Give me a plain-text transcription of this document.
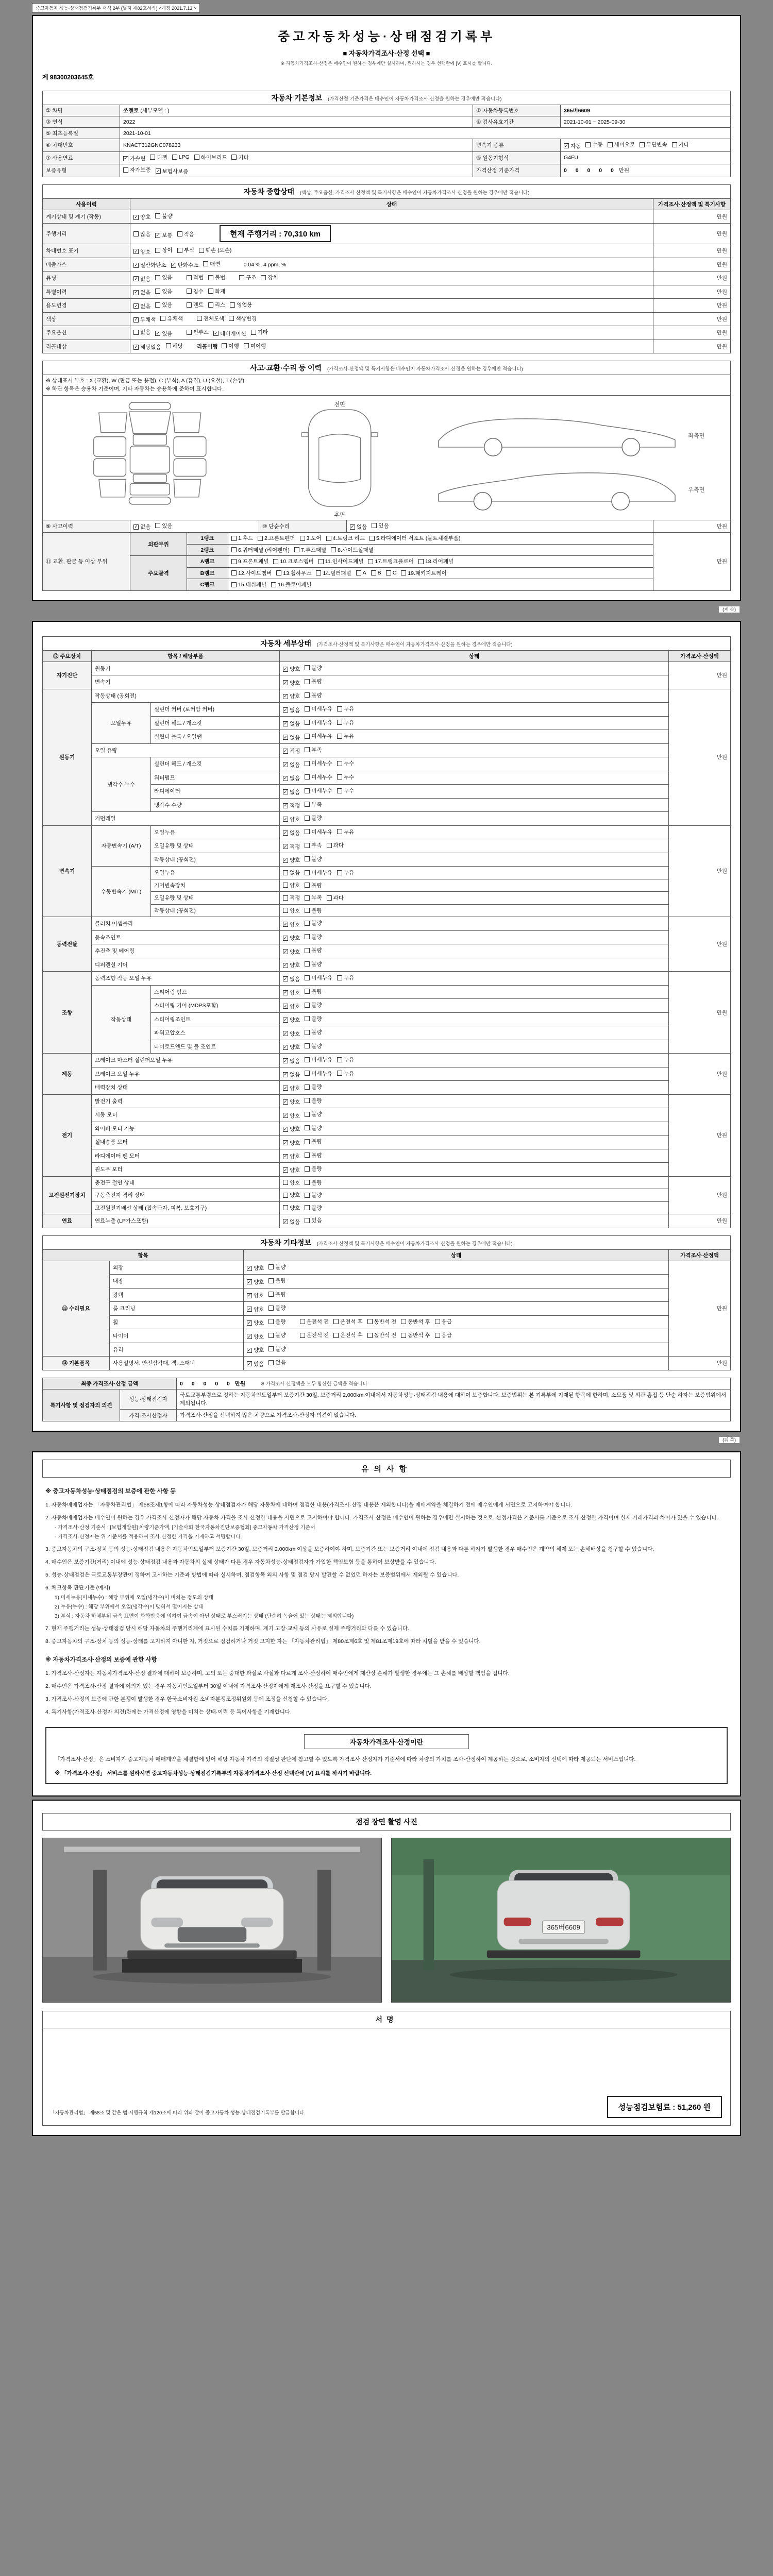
중고자동차 성능·상태점검기록부 서식 2부 (별지 제82호서식) <개정 2021.7.13.>
중고자동차성능·상태점검기록부
■ 자동차가격조사·산정 선택 ■
※ 자동차가격조사·산정은 매수인이 원하는 경우에만 실시하며, 원하시는 경우 선택란에 [V] 표시를 합니다.
제 98300203645호
자동차 기본정보 (가격산정 기준가격은 매수인이 자동차가격조사·산정을 원하는 경우에만 적습니다)			
① 차명	쏘렌토 (세부모델 : )	② 자동차등록번호	365버6609
③ 연식	2022	④ 검사유효기간	2021-10-01 ~ 2025-09-30
⑤ 최초등록일	2021-10-01		
⑥ 차대번호	KNACT312GNC078233	변속기 종류	✓ 자동 수동 세미오토 무단변속 기타

⑦ 사용연료	✓ 가솔린 디젤 LPG 하이브리드 기타	⑧ 원동기형식	G4FU
보증유형	자가보증 ✓ 보험사보증	가격산정 기준가격	0 0 0 0 0 만원
자동차 종합상태 (색상, 주요옵션, 가격조사·산정액 및 특기사항은 매수인이 자동차가격조사·산정을 원하는 경우에만 적습니다)		
사용이력	상태	가격조사·산정액 및 특기사항
계기상태 및 계기 (작동)	✓ 양호 불량	만원
주행거리	많음 ✓ 보통 적음 현재 주행거리 : 70,310 km	만원
차대번호 표기	✓ 양호 상이 부식 훼손 (오손)	만원
배출가스	✓ 일산화탄소 ✓ 탄화수소 매연	0.04 %, 4 ppm, %	만원
튜닝	✓ 없음 있음	적법 불법	구조 장치	만원
특별이력	✓ 없음 있음 침수 화재	만원
용도변경	✓ 없음 있음	렌트 리스 영업용	만원
색상	✓ 무채색 유채색 전체도색 색상변경	만원
주요옵션	없음 ✓ 있음	썬루프 ✓ 네비게이션 기타	만원
리콜대상	✓ 해당없음 해당	리콜이행 이행 미이행	만원
사고·교환·수리 등 이력 (가격조사·산정액 및 특기사항은 매수인이 자동차가격조사·산정을 원하는 경우에만 적습니다)

※ 상태표시 부호 : X (교환), W (판금 또는 용접), C (부식), A (흠집), U (요철), T (손상)
※ 하단 항목은 승용차 기준이며, 기타 자동차는 승용차에 준하여 표시합니다.

전면
후면
좌측면
우측면

⑨ 사고이력	✓ 없음 있음	⑩ 단순수리	✓ 없음 있음	만원
⑪ 교환, 판금 등 이상 부위	외판부위	1랭크	1.후드 2.프론트펜더 3.도어 4.트렁크 리드 5.라디에이터 서포트 (볼트체결부품)	만원
		2랭크	6.쿼터패널 (리어펜더) 7.루프패널 8.사이드실패널	

	주요골격	A랭크	9.프론트패널 10.크로스멤버 11.인사이드패널 17.트렁크플로어 18.리어패널	

B랭크	12.사이드멤버 13.휠하우스 14.필러패널 A B C 19.패키지트레이

		C랭크	15.대쉬패널 16.플로어패널	
(계 속)
자동차 세부상태 (가격조사·산정액 및 특기사항은 매수인이 자동차가격조사·산정을 원하는 경우에만 적습니다)				
⑫ 주요장치	항목 / 해당부품		상태	가격조사·산정액
자기진단	원동기		✓ 양호 불량	만원
	변속기		✓ 양호 불량	

원동기	작동상태 (공회전)		✓ 양호 불량	만원
	오일누유	실린더 커버 (로커암 커버)	✓ 없음 미세누유 누유	

		실린더 헤드 / 개스킷	✓ 없음 미세누유 누유	

		실린더 블록 / 오일팬	✓ 없음 미세누유 누유	

	오일 유량		✓ 적정 부족	

	냉각수 누수	실린더 헤드 / 개스킷	✓ 없음 미세누수 누수	

		워터펌프	✓ 없음 미세누수 누수	

		라디에이터	✓ 없음 미세누수 누수	

		냉각수 수량	✓ 적정 부족	

	커먼레일		✓ 양호 불량	

변속기	자동변속기 (A/T)	오일누유	✓ 없음 미세누유 누유	만원
		오일유량 및 상태	✓ 적정 부족 과다	

		작동상태 (공회전)	✓ 양호 불량	

	수동변속기 (M/T)	오일누유	없음 미세누유 누유	

		기어변속장치	양호 불량	

		오일유량 및 상태	적정 부족 과다	

		작동상태 (공회전)	양호 불량	

동력전달	클러치 어셈블리		✓ 양호 불량	만원
	등속조인트		✓ 양호 불량	

	추진축 및 베어링		✓ 양호 불량	

	디퍼렌셜 기어		✓ 양호 불량	

조향	동력조향 작동 오일 누유		✓ 없음 미세누유 누유	만원
	작동상태	스티어링 펌프	✓ 양호 불량	

		스티어링 기어 (MDPS포함)	✓ 양호 불량	

		스티어링조인트	✓ 양호 불량	

		파워고압호스	✓ 양호 불량	

		타이로드엔드 및 볼 조인트	✓ 양호 불량	

제동	브레이크 마스터 실린더오일 누유		✓ 없음 미세누유 누유	만원
	브레이크 오일 누유		✓ 없음 미세누유 누유	

	배력장치 상태		✓ 양호 불량	

전기	발전기 출력		✓ 양호 불량	만원
	시동 모터		✓ 양호 불량	

	와이퍼 모터 기능		✓ 양호 불량	

	실내송풍 모터		✓ 양호 불량	

	라디에이터 팬 모터		✓ 양호 불량	

	윈도우 모터		✓ 양호 불량	

고전원전기장치	충전구 절연 상태		양호 불량	만원
	구동축전지 격리 상태		양호 불량	

	고전원전기배선 상태 (접속단자, 피복, 보호기구)		양호 불량	

연료	연료누출 (LP가스포함)		✓ 없음 있음	만원
자동차 기타정보 (가격조사·산정액 및 특기사항은 매수인이 자동차가격조사·산정을 원하는 경우에만 적습니다)			
항목		상태	가격조사·산정액
⑬ 수리필요	외장	✓ 양호 불량	만원
	내장	✓ 양호 불량	

	광택	✓ 양호 불량	

	룸 크리닝	✓ 양호 불량	

휠	✓ 양호 불량	운전석 전 운전석 후 동반석 전 동반석 후 응급

타이어	✓ 양호 불량	운전석 전 운전석 후 동반석 전 동반석 후 응급

	유리	✓ 양호 불량	

⑭ 기본품목	사용설명서, 안전삼각대, 잭, 스패너	✓ 있음 없음	만원
최종 가격조사·산정 금액	0 0 0 0 0 만원	※ 가격조사·산정액을 모두 합산한 금액을 적습니다
특기사항 및 점검자의 의견	성능·상태점검자	국토교통부령으로 정하는 자동차인도일부터 보증기간 30일, 보증거리 2,000km 이내에서 자동차성능·상태점검 내용에 대하여 보증합니다. 보증범위는 본 기록부에 기재된 항목에 한하며, 소모품 및 외관 흠집 등 단순 하자는 보증범위에서 제외됩니다.
	가격·조사산정자	가격조사·산정을 선택하지 않은 차량으로 가격조사·산정자 의견이 없습니다.
(뒤 쪽)
유의사항
※ 중고자동차성능·상태점검의 보증에 관한 사항 등
1. 자동차매매업자는 「자동차관리법」 제58조제1항에 따라 자동차성능·상태점검자가 해당 자동차에 대하여 점검한 내용(가격조사·산정 내용은 제외합니다)을 매매계약을 체결하기 전에 매수인에게 서면으로 고지하여야 합니다.
2. 자동차매매업자는 매수인이 원하는 경우 가격조사·산정자가 해당 자동차 가격을 조사·산정한 내용을 서면으로 고지하여야 합니다. 가격조사·산정은 매수인이 원하는 경우에만 실시하는 것으로, 산정가격은 기준서를 기준으로 조사·산정한 가격이며 실제 거래가격과 차이가 있을 수 있습니다.
- 가격조사·산정 기준서 : [보험개발원] 차량기준가액, [기술사회·한국자동차진단보증협회] 중고자동차 가격산정 기준서
- 가격조사·산정자는 위 기준서를 적용하여 조사·산정한 가격을 기재하고 서명합니다.
3. 중고자동차의 구조·장치 등의 성능·상태점검 내용은 자동차인도일부터 보증기간 30일, 보증거리 2,000km 이상을 보증하여야 하며, 보증기간 또는 보증거리 이내에 점검 내용과 다른 하자가 발생한 경우 매수인은 계약의 해제 또는 손해배상을 청구할 수 있습니다.
4. 매수인은 보증기간(거리) 이내에 성능·상태점검 내용과 자동차의 실제 상태가 다른 경우 자동차성능·상태점검자가 가입한 책임보험 등을 통하여 보상받을 수 있습니다.
5. 성능·상태점검은 국토교통부장관이 정하여 고시하는 기준과 방법에 따라 실시하며, 점검항목 외의 사항 및 점검 당시 발견할 수 없었던 하자는 보증범위에서 제외될 수 있습니다.
6. 체크항목 판단기준 (예시)
1) 미세누유(미세누수) : 해당 부위에 오일(냉각수)이 비치는 정도의 상태
2) 누유(누수) : 해당 부위에서 오일(냉각수)이 맺혀서 떨어지는 상태
3) 부식 : 자동차 하체부위 금속 표면이 화학반응에 의하여 금속이 아닌 상태로 부스러지는 상태 (단순히 녹슬어 있는 상태는 제외합니다)
7. 현재 주행거리는 성능·상태점검 당시 해당 자동차의 주행거리계에 표시된 수치를 기재하며, 계기 고장·교체 등의 사유로 실제 주행거리와 다를 수 있습니다.
8. 중고자동차의 구조·장치 등의 성능·상태를 고지하지 아니한 자, 거짓으로 점검하거나 거짓 고지한 자는 「자동차관리법」 제80조제6호 및 제81조제19호에 따라 처벌을 받을 수 있습니다.
※ 자동차가격조사·산정의 보증에 관한 사항
1. 가격조사·산정자는 자동차가격조사·산정 결과에 대하여 보증하며, 고의 또는 중대한 과실로 사실과 다르게 조사·산정하여 매수인에게 재산상 손해가 발생한 경우에는 그 손해를 배상할 책임을 집니다.
2. 매수인은 가격조사·산정 결과에 이의가 있는 경우 자동차인도일부터 30일 이내에 가격조사·산정자에게 재조사·산정을 요구할 수 있습니다.
3. 가격조사·산정의 보증에 관한 분쟁이 발생한 경우 한국소비자원 소비자분쟁조정위원회 등에 조정을 신청할 수 있습니다.
4. 특기사항(가격조사·산정자 의견)란에는 가격산정에 영향을 미치는 상태·이력 등 특이사항을 기재합니다.
자동차가격조사·산정이란
「가격조사·산정」은 소비자가 중고자동차 매매계약을 체결함에 있어 해당 자동차 가격의 적절성 판단에 참고할 수 있도록 가격조사·산정자가 기준서에 따라 차량의 가치를 조사·산정하여 제공하는 것으로, 소비자의 선택에 따라 제공되는 서비스입니다.
※ 「가격조사·산정」 서비스를 원하시면 중고자동차성능·상태점검기록부의 자동차가격조사·산정 선택란에 [V] 표시를 하시기 바랍니다.
점검 장면 촬영 사진
365버6609
서명
「자동차관리법」 제58조 및 같은 법 시행규칙 제120조에 따라 위와 같이 중고자동차 성능·상태점검기록부를 발급합니다.
성능점검보험료 : 51,260 원
